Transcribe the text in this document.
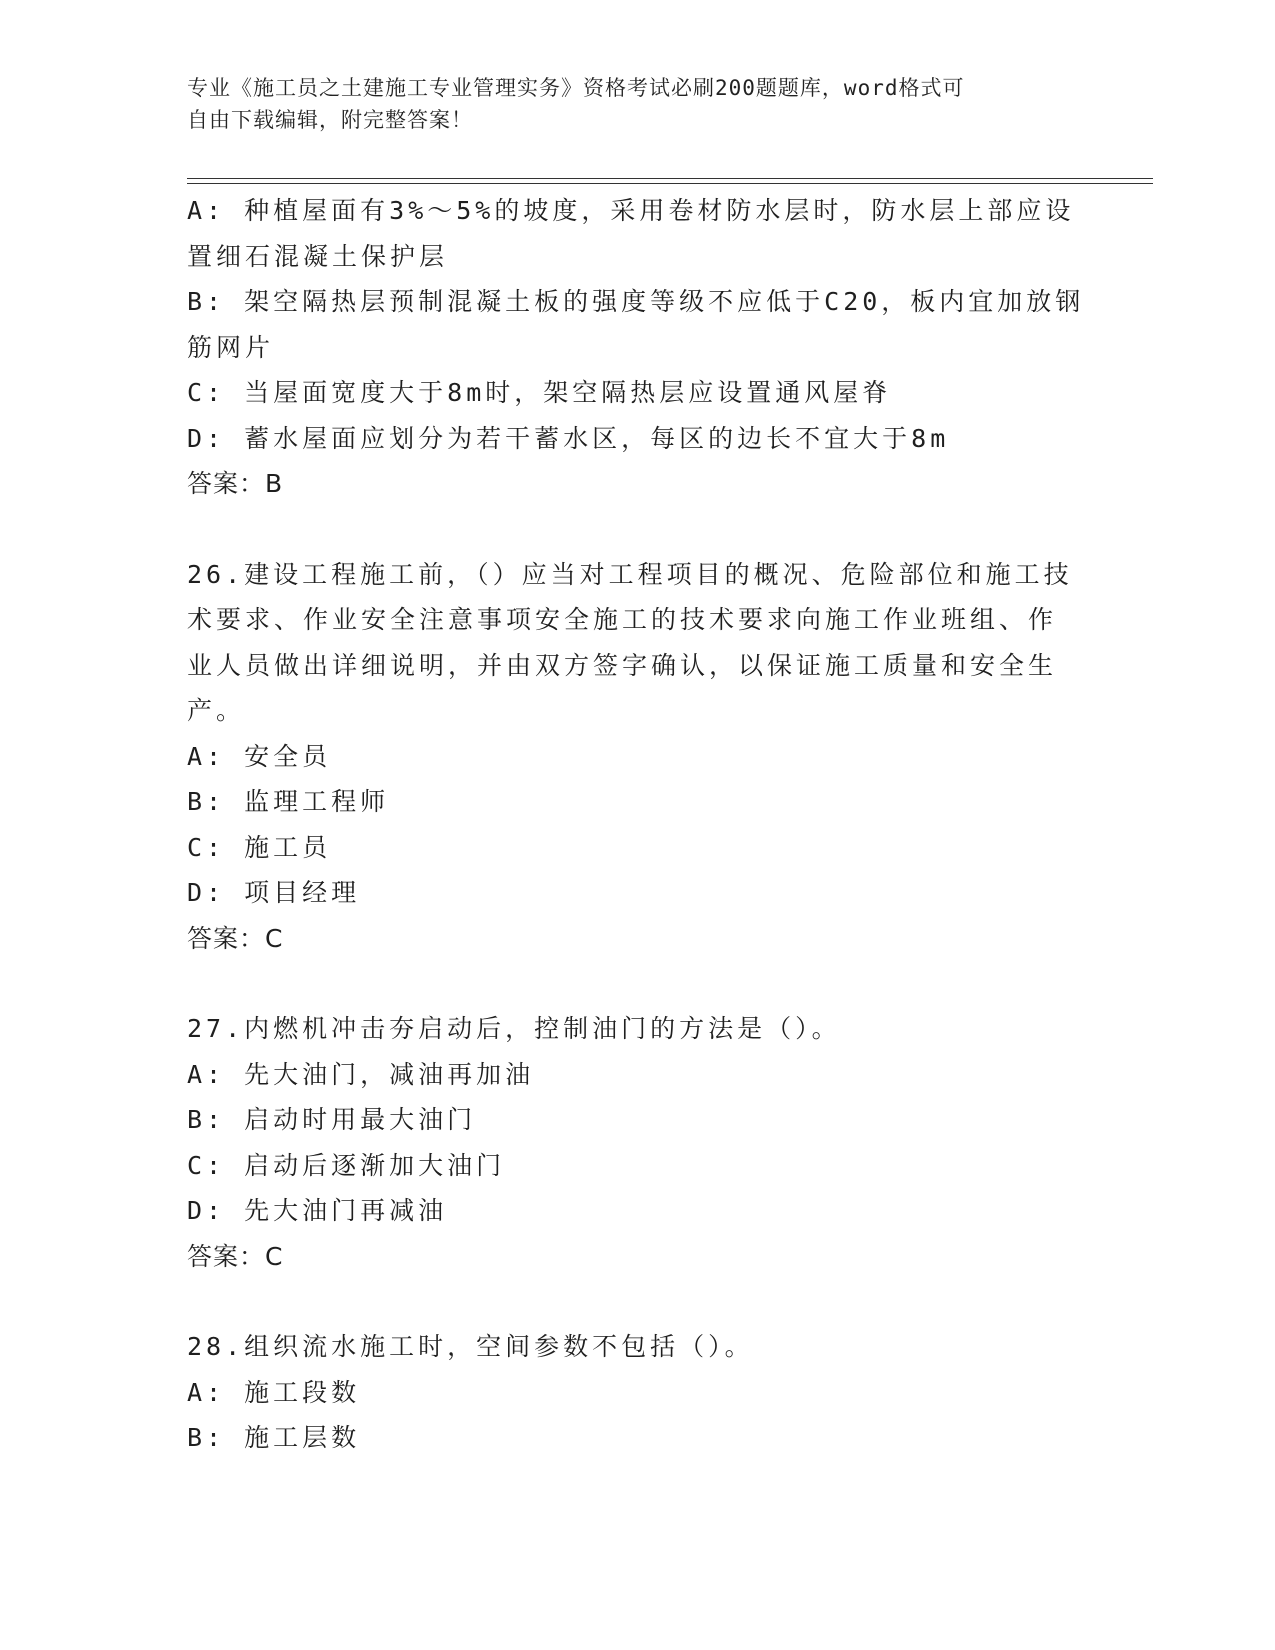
专业《施工员之土建施工专业管理实务》资格考试必刷200题题库，word格式可
自由下载编辑，附完整答案！
A: 种植屋面有3%～5%的坡度，采用卷材防水层时，防水层上部应设
置细石混凝土保护层
B: 架空隔热层预制混凝土板的强度等级不应低于C20，板内宜加放钢
筋网片
C: 当屋面宽度大于8m时，架空隔热层应设置通风屋脊
D: 蓄水屋面应划分为若干蓄水区，每区的边长不宜大于8m
答案：B
26.建设工程施工前，（）应当对工程项目的概况、危险部位和施工技
术要求、作业安全注意事项安全施工的技术要求向施工作业班组、作
业人员做出详细说明，并由双方签字确认，以保证施工质量和安全生
产。
A: 安全员
B: 监理工程师
C: 施工员
D: 项目经理
答案：C
27.内燃机冲击夯启动后，控制油门的方法是（）。
A: 先大油门，减油再加油
B: 启动时用最大油门
C: 启动后逐渐加大油门
D: 先大油门再减油
答案：C
28.组织流水施工时，空间参数不包括（）。
A: 施工段数
B: 施工层数
